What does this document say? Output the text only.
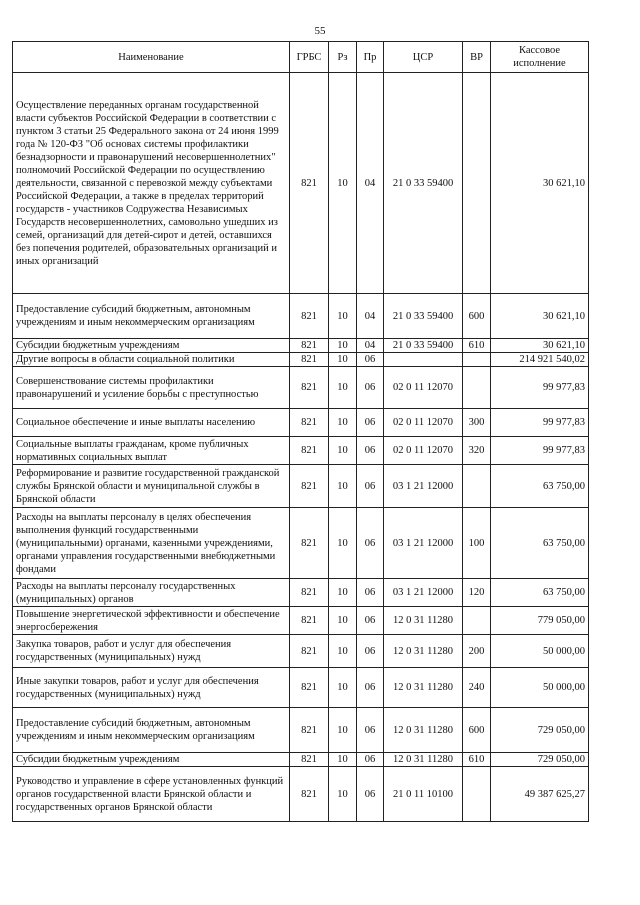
55
Наименование	ГРБС	Рз	Пр	ЦСР	ВР	Кассовое исполнение
Осуществление переданных органам государственной власти субъектов Российской Федерации в соответствии с пунктом 3 статьи 25 Федерального закона от 24 июня 1999 года № 120-ФЗ "Об основах системы профилактики безнадзорности и правонарушений несовершеннолетних" полномочий Российской Федерации по осуществлению деятельности, связанной с перевозкой между субъектами Российской Федерации, а также в пределах территорий государств - участников Содружества Независимых Государств несовершеннолетних, самовольно ушедших из семей, организаций для детей-сирот и детей, оставшихся без попечения родителей, образовательных организаций и иных организаций	821	10	04	21 0 33 59400		30 621,10
Предоставление субсидий бюджетным, автономным учреждениям и иным некоммерческим организациям	821	10	04	21 0 33 59400	600	30 621,10
Субсидии бюджетным учреждениям	821	10	04	21 0 33 59400	610	30 621,10
Другие вопросы в области социальной политики	821	10	06			214 921 540,02
Совершенствование системы профилактики правонарушений и усиление борьбы с преступностью	821	10	06	02 0 11 12070		99 977,83
Социальное обеспечение и иные выплаты населению	821	10	06	02 0 11 12070	300	99 977,83
Социальные выплаты гражданам, кроме публичных нормативных социальных выплат	821	10	06	02 0 11 12070	320	99 977,83
Реформирование и развитие государственной гражданской службы Брянской области и муниципальной службы в Брянской области	821	10	06	03 1 21 12000		63 750,00
Расходы на выплаты персоналу в целях обеспечения выполнения функций государственными (муниципальными) органами, казенными учреждениями, органами управления государственными внебюджетными фондами	821	10	06	03 1 21 12000	100	63 750,00
Расходы на выплаты персоналу государственных (муниципальных) органов	821	10	06	03 1 21 12000	120	63 750,00
Повышение энергетической эффективности и обеспечение энергосбережения	821	10	06	12 0 31 11280		779 050,00
Закупка товаров, работ и услуг для обеспечения государственных (муниципальных) нужд	821	10	06	12 0 31 11280	200	50 000,00
Иные закупки товаров, работ и услуг для обеспечения государственных (муниципальных) нужд	821	10	06	12 0 31 11280	240	50 000,00
Предоставление субсидий бюджетным, автономным учреждениям и иным некоммерческим организациям	821	10	06	12 0 31 11280	600	729 050,00
Субсидии бюджетным учреждениям	821	10	06	12 0 31 11280	610	729 050,00
Руководство и управление в сфере установленных функций органов государственной власти Брянской области и государственных органов Брянской области	821	10	06	21 0 11 10100		49 387 625,27
